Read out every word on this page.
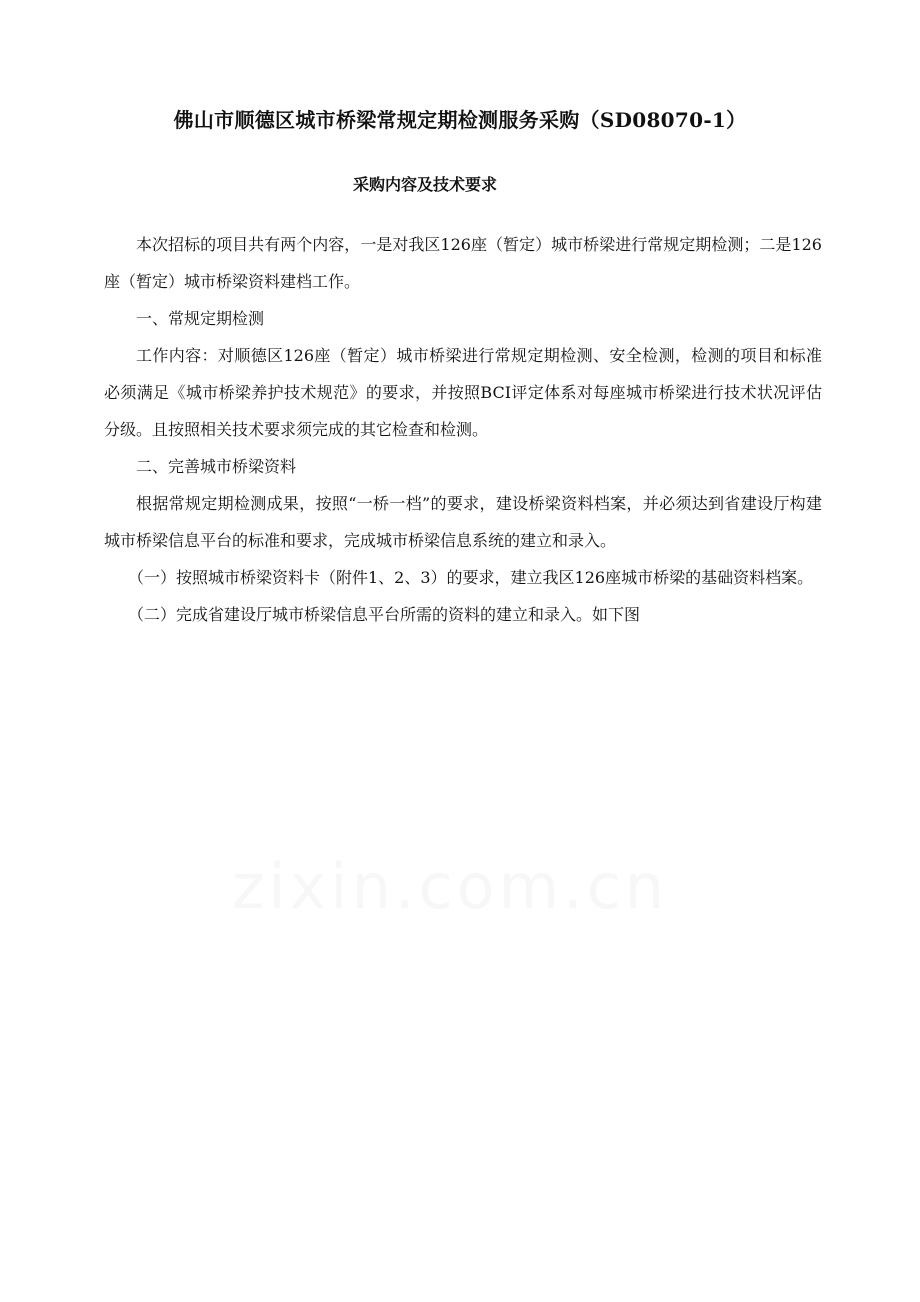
佛山市顺德区城市桥梁常规定期检测服务采购（SD08070-1）
采购内容及技术要求

本次招标的项目共有两个内容，一是对我区126座（暂定）城市桥梁进行常规定期检测；二是126座（暂定）城市桥梁资料建档工作。

一、常规定期检测

工作内容：对顺德区126座（暂定）城市桥梁进行常规定期检测、安全检测，检测的项目和标准必须满足《城市桥梁养护技术规范》的要求，并按照BCI评定体系对每座城市桥梁进行技术状况评估分级。且按照相关技术要求须完成的其它检查和检测。

二、完善城市桥梁资料

根据常规定期检测成果，按照“一桥一档”的要求，建设桥梁资料档案，并必须达到省建设厅构建城市桥梁信息平台的标准和要求，完成城市桥梁信息系统的建立和录入。

（一）按照城市桥梁资料卡（附件1、2、3）的要求，建立我区126座城市桥梁的基础资料档案。

（二）完成省建设厅城市桥梁信息平台所需的资料的建立和录入。如下图

zixin.com.cn
